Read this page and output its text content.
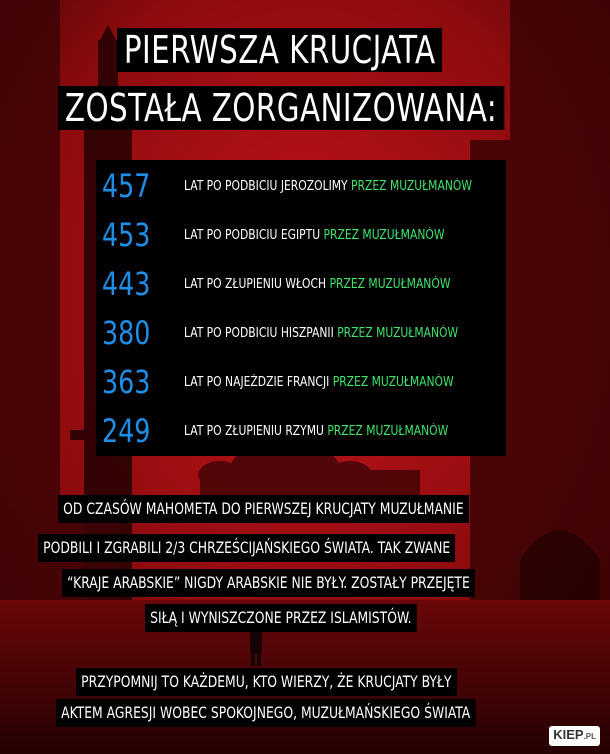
PIERWSZA KRUCJATA
ZOSTAŁA ZORGANIZOWANA:
457	LAT PO PODBICIU JEROZOLIMY PRZEZ MUZUŁMANÓW
453	LAT PO PODBICIU EGIPTU PRZEZ MUZUŁMANÓW
443	LAT PO ZŁUPIENIU WŁOCH PRZEZ MUZUŁMANÓW
380	LAT PO PODBICIU HISZPANII PRZEZ MUZUŁMANÓW
363	LAT PO NAJEŹDZIE FRANCJI PRZEZ MUZUŁMANÓW
249	LAT PO ZŁUPIENIU RZYMU PRZEZ MUZUŁMANÓW
OD CZASÓW MAHOMETA DO PIERWSZEJ KRUCJATY MUZUŁMANIE
PODBILI I ZGRABILI 2/3 CHRZEŚCIJAŃSKIEGO ŚWIATA. TAK ZWANE
“KRAJE ARABSKIE” NIGDY ARABSKIE NIE BYŁY. ZOSTAŁY PRZEJĘTE
SIŁĄ I WYNISZCZONE PRZEZ ISLAMISTÓW.
PRZYPOMNIJ TO KAŻDEMU, KTO WIERZY, ŻE KRUCJATY BYŁY
AKTEM AGRESJI WOBEC SPOKOJNEGO, MUZUŁMAŃSKIEGO ŚWIATA
KIEP.PL
